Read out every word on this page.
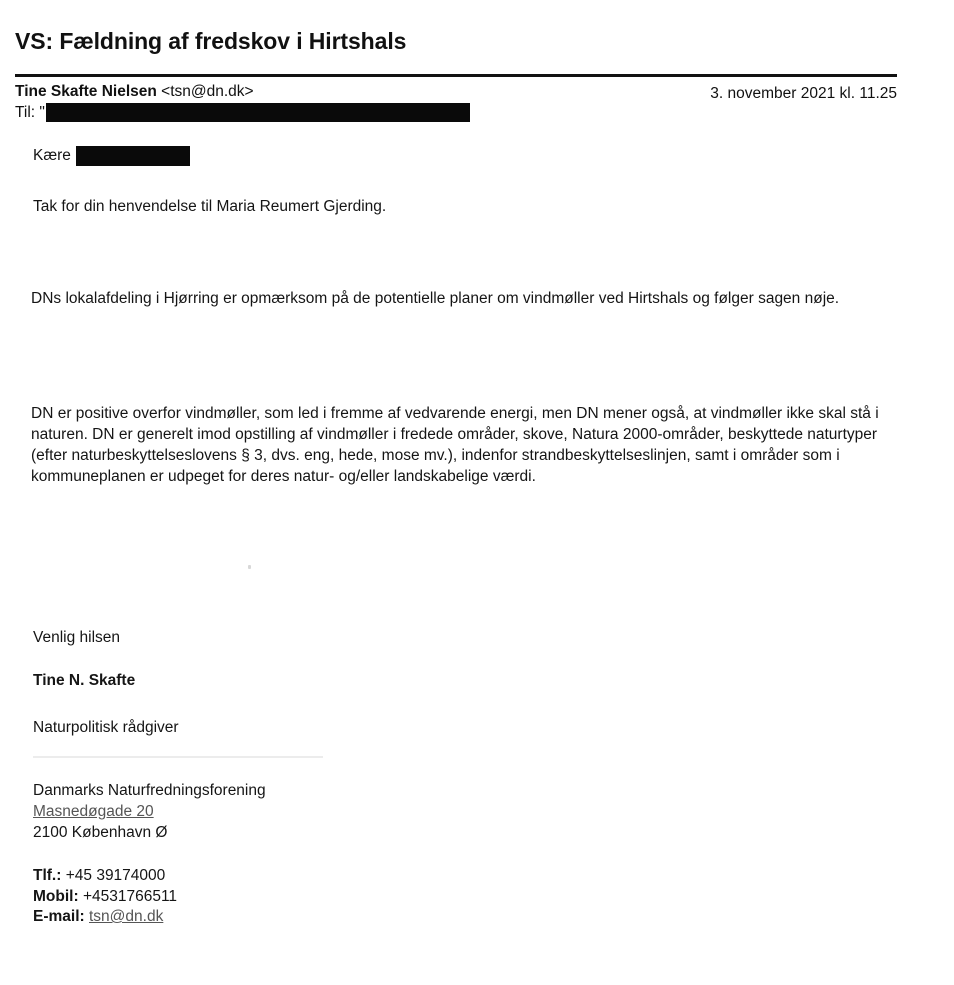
VS: Fældning af fredskov i Hirtshals
Tine Skafte Nielsen <tsn@dn.dk>	3. november 2021 kl. 11.25
Til: "
Kære
Tak for din henvendelse til Maria Reumert Gjerding.
DNs lokalafdeling i Hjørring er opmærksom på de potentielle planer om vindmøller ved Hirtshals og følger sagen nøje.
DN er positive overfor vindmøller, som led i fremme af vedvarende energi, men DN mener også, at vindmøller ikke skal stå i naturen. DN er generelt imod opstilling af vindmøller i fredede områder, skove, Natura 2000-områder, beskyttede naturtyper (efter naturbeskyttelseslovens § 3, dvs. eng, hede, mose mv.), indenfor strandbeskyttelseslinjen, samt i områder som i kommuneplanen er udpeget for deres natur- og/eller landskabelige værdi.
Venlig hilsen
Tine N. Skafte
Naturpolitisk rådgiver
Danmarks Naturfredningsforening
Masnedøgade 20
2100 København Ø
Tlf.: +45 39174000
Mobil: +4531766511
E-mail: tsn@dn.dk
